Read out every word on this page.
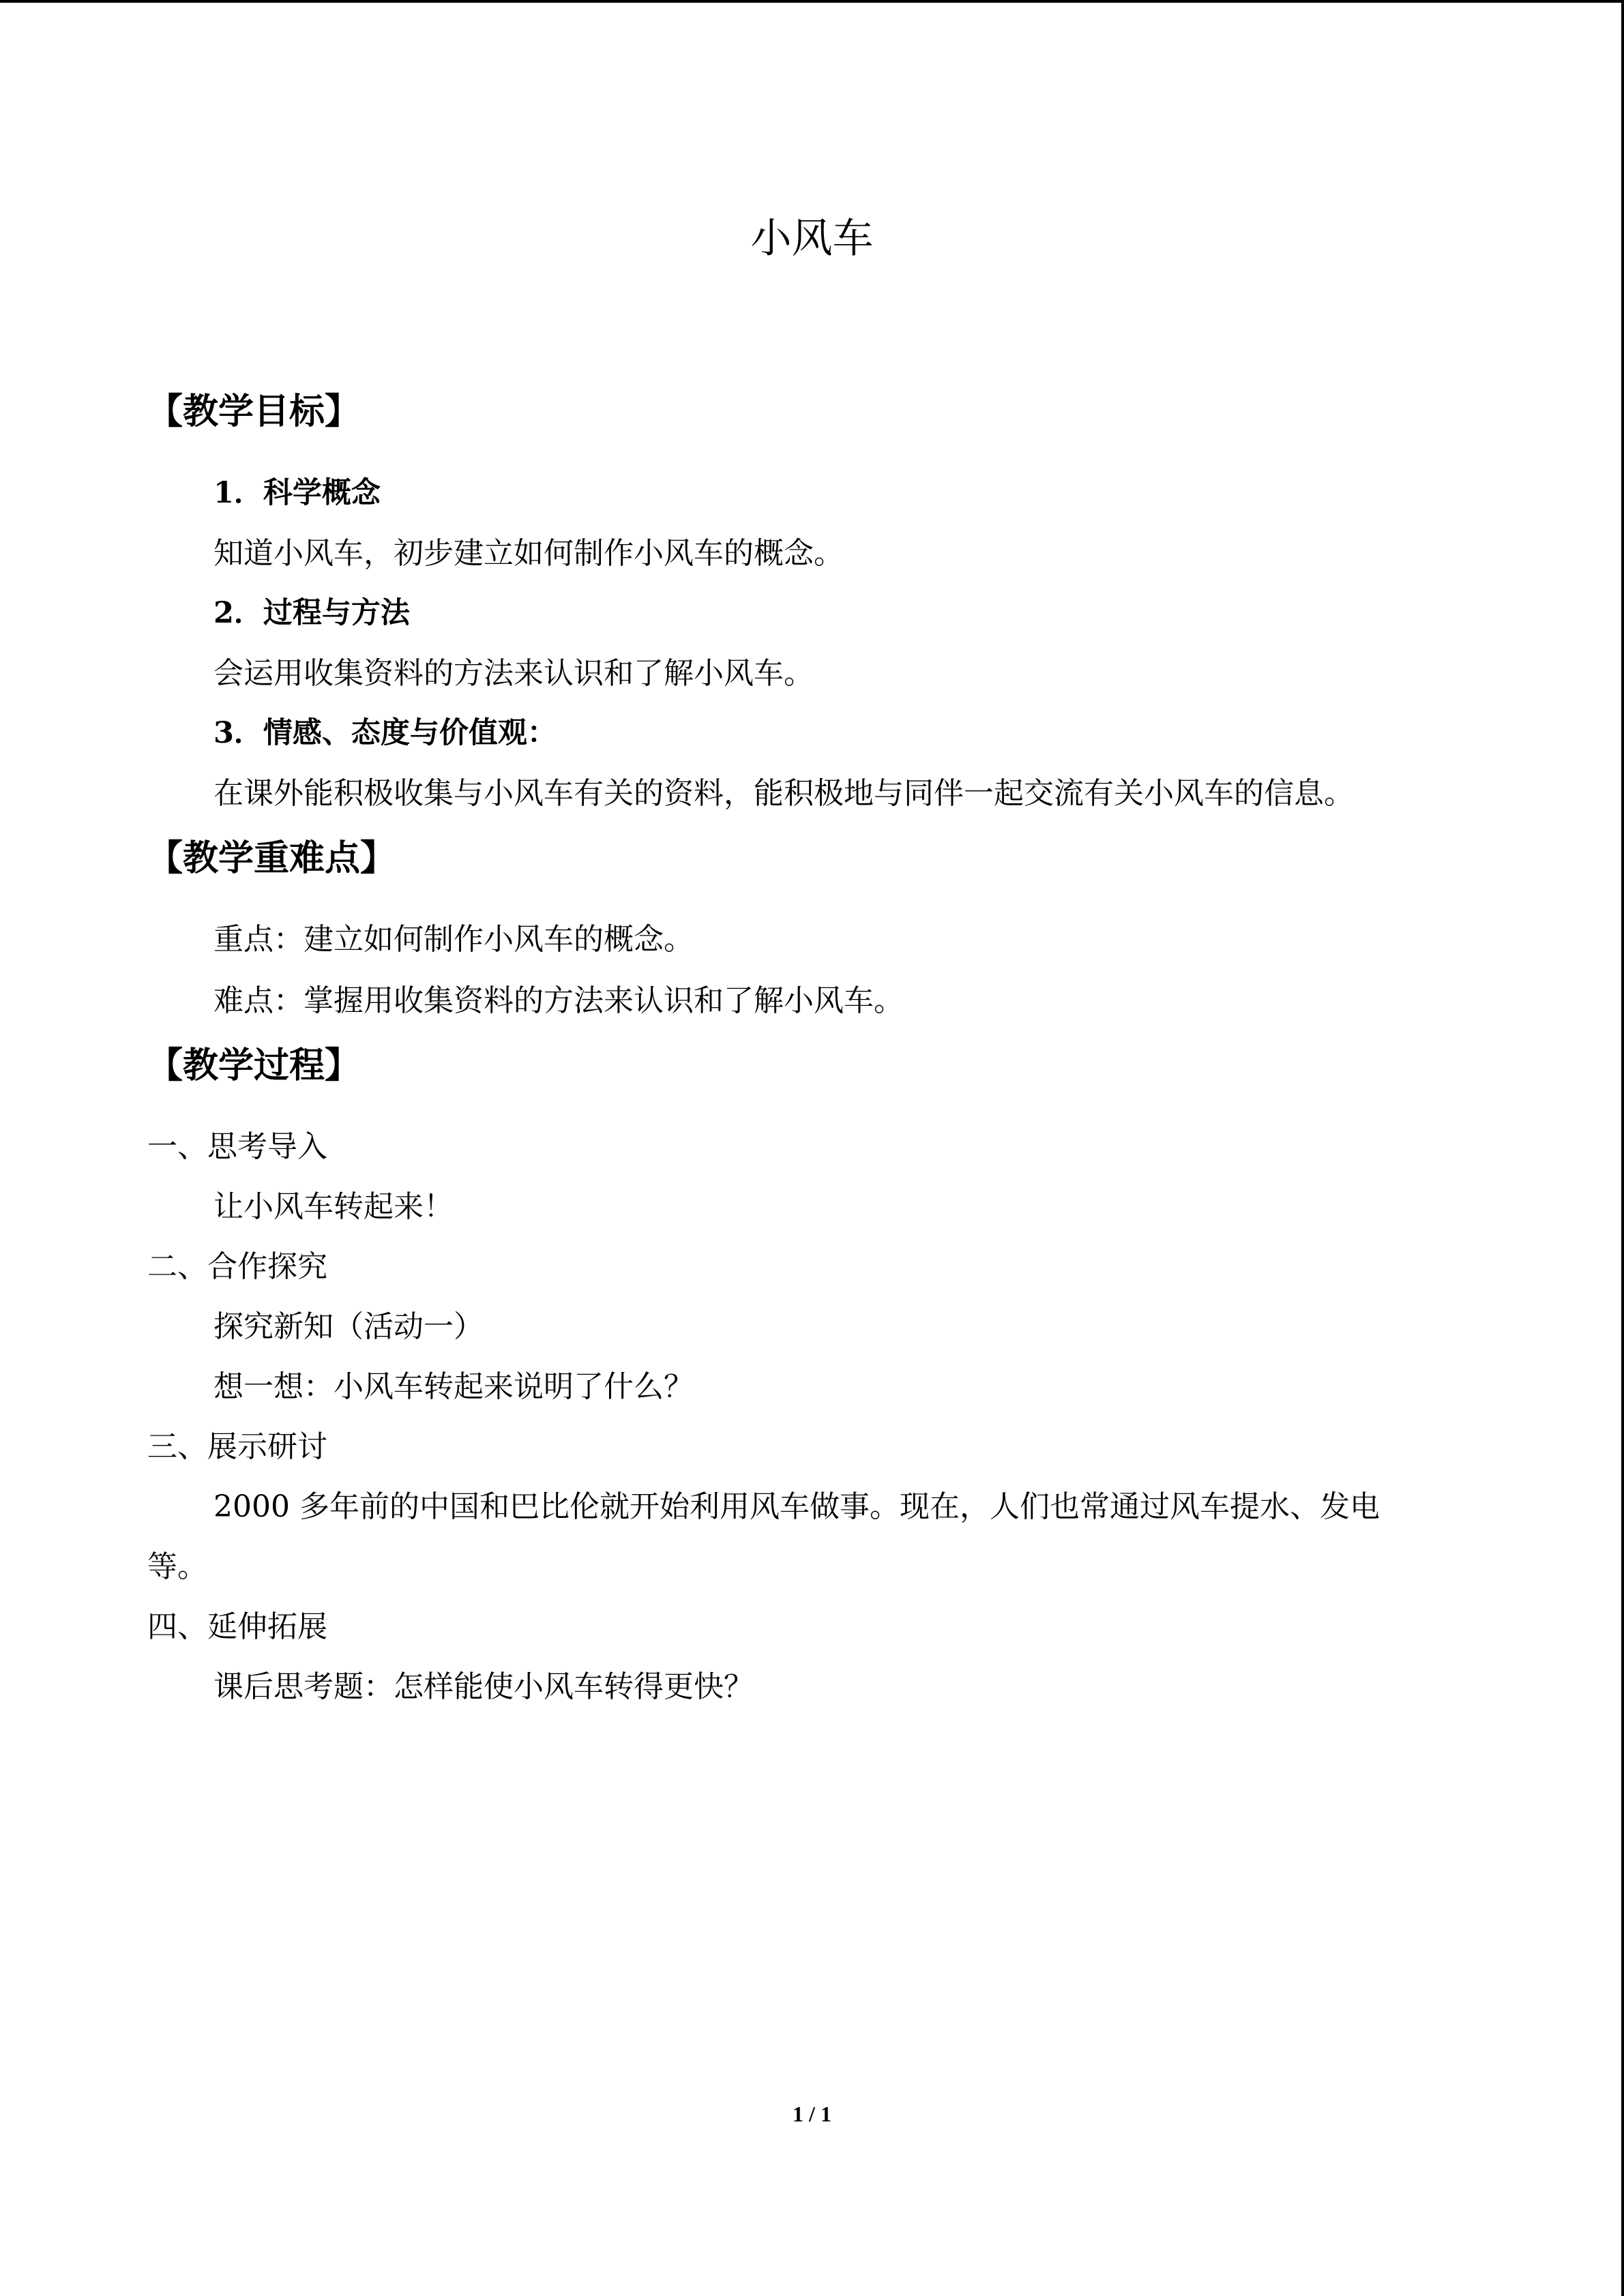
小风车
【教学目标】
1．科学概念
知道小风车，初步建立如何制作小风车的概念。
2．过程与方法
会运用收集资料的方法来认识和了解小风车。
3．情感、态度与价值观：
在课外能积极收集与小风车有关的资料，能积极地与同伴一起交流有关小风车的信息。
【教学重难点】
重点：建立如何制作小风车的概念。
难点：掌握用收集资料的方法来认识和了解小风车。
【教学过程】
一、思考导入
让小风车转起来！
二、合作探究
探究新知（活动一）
想一想：小风车转起来说明了什么？
三、展示研讨
2000 多年前的中国和巴比伦就开始利用风车做事。现在，人们也常通过风车提水、发电
等。
四、延伸拓展
课后思考题：怎样能使小风车转得更快？
1 / 1
